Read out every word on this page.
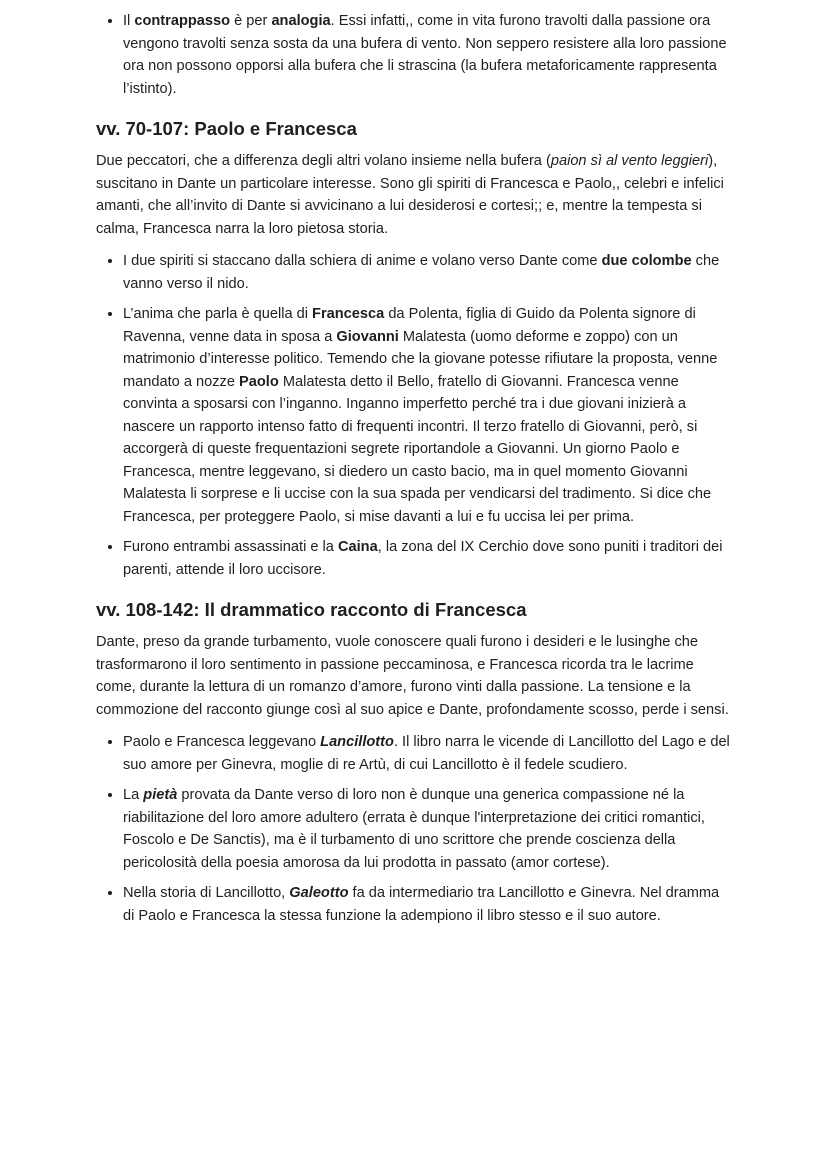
• Il contrappasso è per analogia. Essi infatti,, come in vita furono travolti dalla passione ora vengono travolti senza sosta da una bufera di vento. Non seppero resistere alla loro passione ora non possono opporsi alla bufera che li strascina (la bufera metaforicamente rappresenta l’istinto).
vv. 70-107: Paolo e Francesca

Due peccatori, che a differenza degli altri volano insieme nella bufera (paion sì al vento leggieri), suscitano in Dante un particolare interesse. Sono gli spiriti di Francesca e Paolo,, celebri e infelici amanti, che all’invito di Dante si avvicinano a lui desiderosi e cortesi;; e, mentre la tempesta si calma, Francesca narra la loro pietosa storia.

• I due spiriti si staccano dalla schiera di anime e volano verso Dante come due colombe che vanno verso il nido.
• L’anima che parla è quella di Francesca da Polenta, figlia di Guido da Polenta signore di Ravenna, venne data in sposa a Giovanni Malatesta (uomo deforme e zoppo) con un matrimonio d’interesse politico. Temendo che la giovane potesse rifiutare la proposta, venne mandato a nozze Paolo Malatesta detto il Bello, fratello di Giovanni. Francesca venne convinta a sposarsi con l’inganno. Inganno imperfetto perché tra i due giovani inizierà a nascere un rapporto intenso fatto di frequenti incontri. Il terzo fratello di Giovanni, però, si accorgerà di queste frequentazioni segrete riportandole a Giovanni. Un giorno Paolo e Francesca, mentre leggevano, si diedero un casto bacio, ma in quel momento Giovanni Malatesta li sorprese e li uccise con la sua spada per vendicarsi del tradimento. Si dice che Francesca, per proteggere Paolo, si mise davanti a lui e fu uccisa lei per prima.
• Furono entrambi assassinati e la Caina, la zona del IX Cerchio dove sono puniti i traditori dei parenti, attende il loro uccisore.
vv. 108-142: Il drammatico racconto di Francesca

Dante, preso da grande turbamento, vuole conoscere quali furono i desideri e le lusinghe che trasformarono il loro sentimento in passione peccaminosa, e Francesca ricorda tra le lacrime come, durante la lettura di un romanzo d’amore, furono vinti dalla passione. La tensione e la commozione del racconto giunge così al suo apice e Dante, profondamente scosso, perde i sensi.

• Paolo e Francesca leggevano Lancillotto. Il libro narra le vicende di Lancillotto del Lago e del suo amore per Ginevra, moglie di re Artù, di cui Lancillotto è il fedele scudiero.
• La pietà provata da Dante verso di loro non è dunque una generica compassione né la riabilitazione del loro amore adultero (errata è dunque l'interpretazione dei critici romantici, Foscolo e De Sanctis), ma è il turbamento di uno scrittore che prende coscienza della pericolosità della poesia amorosa da lui prodotta in passato (amor cortese).
• Nella storia di Lancillotto, Galeotto fa da intermediario tra Lancillotto e Ginevra. Nel dramma di Paolo e Francesca la stessa funzione la adempiono il libro stesso e il suo autore.
